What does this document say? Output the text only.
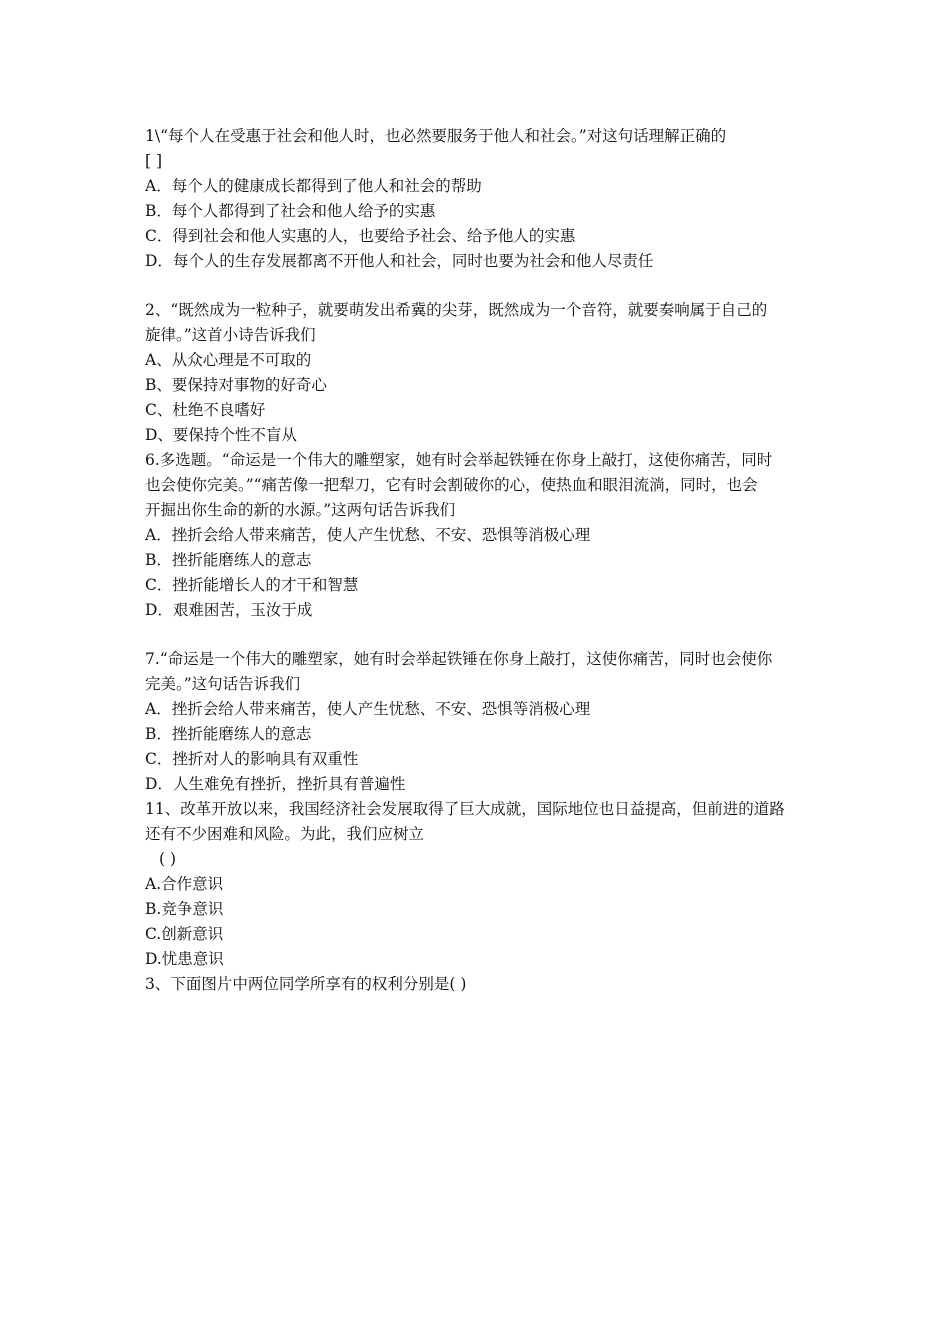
1\“每个人在受惠于社会和他人时，也必然要服务于他人和社会。”对这句话理解正确的
[ ]
A．每个人的健康成长都得到了他人和社会的帮助
B．每个人都得到了社会和他人给予的实惠
C．得到社会和他人实惠的人，也要给予社会、给予他人的实惠
D．每个人的生存发展都离不开他人和社会，同时也要为社会和他人尽责任
2、“既然成为一粒种子，就要萌发出希冀的尖芽，既然成为一个音符，就要奏响属于自己的
旋律。”这首小诗告诉我们
A、从众心理是不可取的
B、要保持对事物的好奇心
C、杜绝不良嗜好
D、要保持个性不盲从
6.多选题。“命运是一个伟大的雕塑家，她有时会举起铁锤在你身上敲打，这使你痛苦，同时
也会使你完美。”“痛苦像一把犁刀，它有时会割破你的心，使热血和眼泪流淌，同时，也会
开掘出你生命的新的水源。”这两句话告诉我们
A．挫折会给人带来痛苦，使人产生忧愁、不安、恐惧等消极心理
B．挫折能磨练人的意志
C．挫折能增长人的才干和智慧
D．艰难困苦，玉汝于成
7.“命运是一个伟大的雕塑家，她有时会举起铁锤在你身上敲打，这使你痛苦，同时也会使你
完美。”这句话告诉我们
A．挫折会给人带来痛苦，使人产生忧愁、不安、恐惧等消极心理
B．挫折能磨练人的意志
C．挫折对人的影响具有双重性
D．人生难免有挫折，挫折具有普遍性
11、改革开放以来，我国经济社会发展取得了巨大成就，国际地位也日益提高，但前进的道路
还有不少困难和风险。为此，我们应树立
( )
A.合作意识
B.竞争意识
C.创新意识
D.忧患意识
3、下面图片中两位同学所享有的权利分别是( )
